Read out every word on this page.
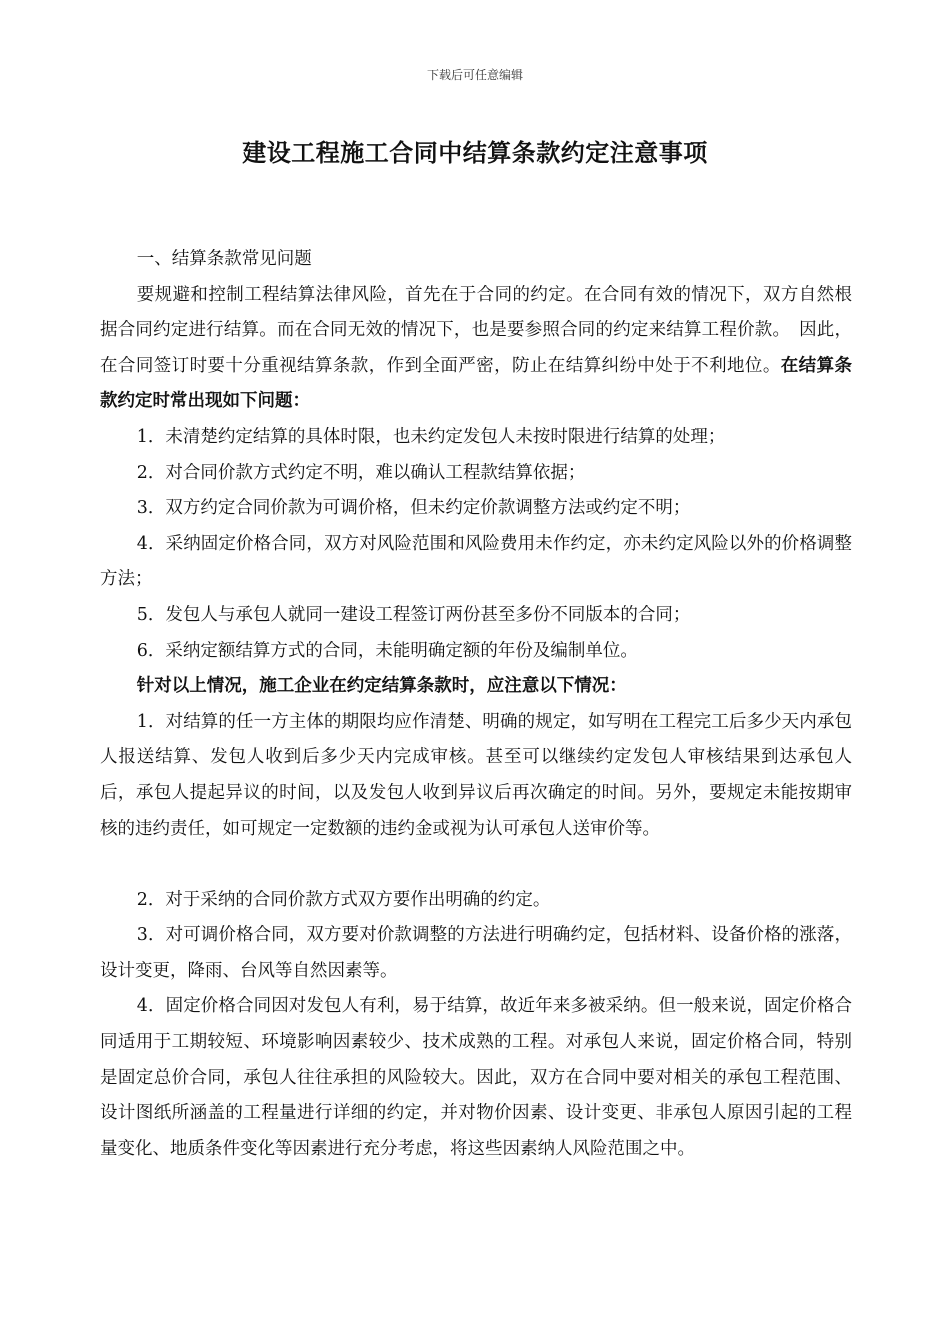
下载后可任意编辑
建设工程施工合同中结算条款约定注意事项

一、结算条款常见问题

要规避和控制工程结算法律风险，首先在于合同的约定。在合同有效的情况下，双方自然根据合同约定进行结算。而在合同无效的情况下，也是要参照合同的约定来结算工程价款。　因此，在合同签订时要十分重视结算条款，作到全面严密，防止在结算纠纷中处于不利地位。在结算条款约定时常出现如下问题：

1．未清楚约定结算的具体时限，也未约定发包人未按时限进行结算的处理；

2．对合同价款方式约定不明，难以确认工程款结算依据；

3．双方约定合同价款为可调价格，但未约定价款调整方法或约定不明；

4．采纳固定价格合同，双方对风险范围和风险费用未作约定，亦未约定风险以外的价格调整方法；

5．发包人与承包人就同一建设工程签订两份甚至多份不同版本的合同；

6．采纳定额结算方式的合同，未能明确定额的年份及编制单位。

针对以上情况，施工企业在约定结算条款时，应注意以下情况：

1．对结算的任一方主体的期限均应作清楚、明确的规定，如写明在工程完工后多少天内承包人报送结算、发包人收到后多少天内完成审核。甚至可以继续约定发包人审核结果到达承包人后，承包人提起异议的时间，以及发包人收到异议后再次确定的时间。另外，要规定未能按期审核的违约责任，如可规定一定数额的违约金或视为认可承包人送审价等。

2．对于采纳的合同价款方式双方要作出明确的约定。

3．对可调价格合同，双方要对价款调整的方法进行明确约定，包括材料、设备价格的涨落，设计变更，降雨、台风等自然因素等。

4．固定价格合同因对发包人有利，易于结算，故近年来多被采纳。但一般来说，固定价格合同适用于工期较短、环境影响因素较少、技术成熟的工程。对承包人来说，固定价格合同，特别是固定总价合同，承包人往往承担的风险较大。因此，双方在合同中要对相关的承包工程范围、设计图纸所涵盖的工程量进行详细的约定，并对物价因素、设计变更、非承包人原因引起的工程量变化、地质条件变化等因素进行充分考虑，将这些因素纳人风险范围之中。
